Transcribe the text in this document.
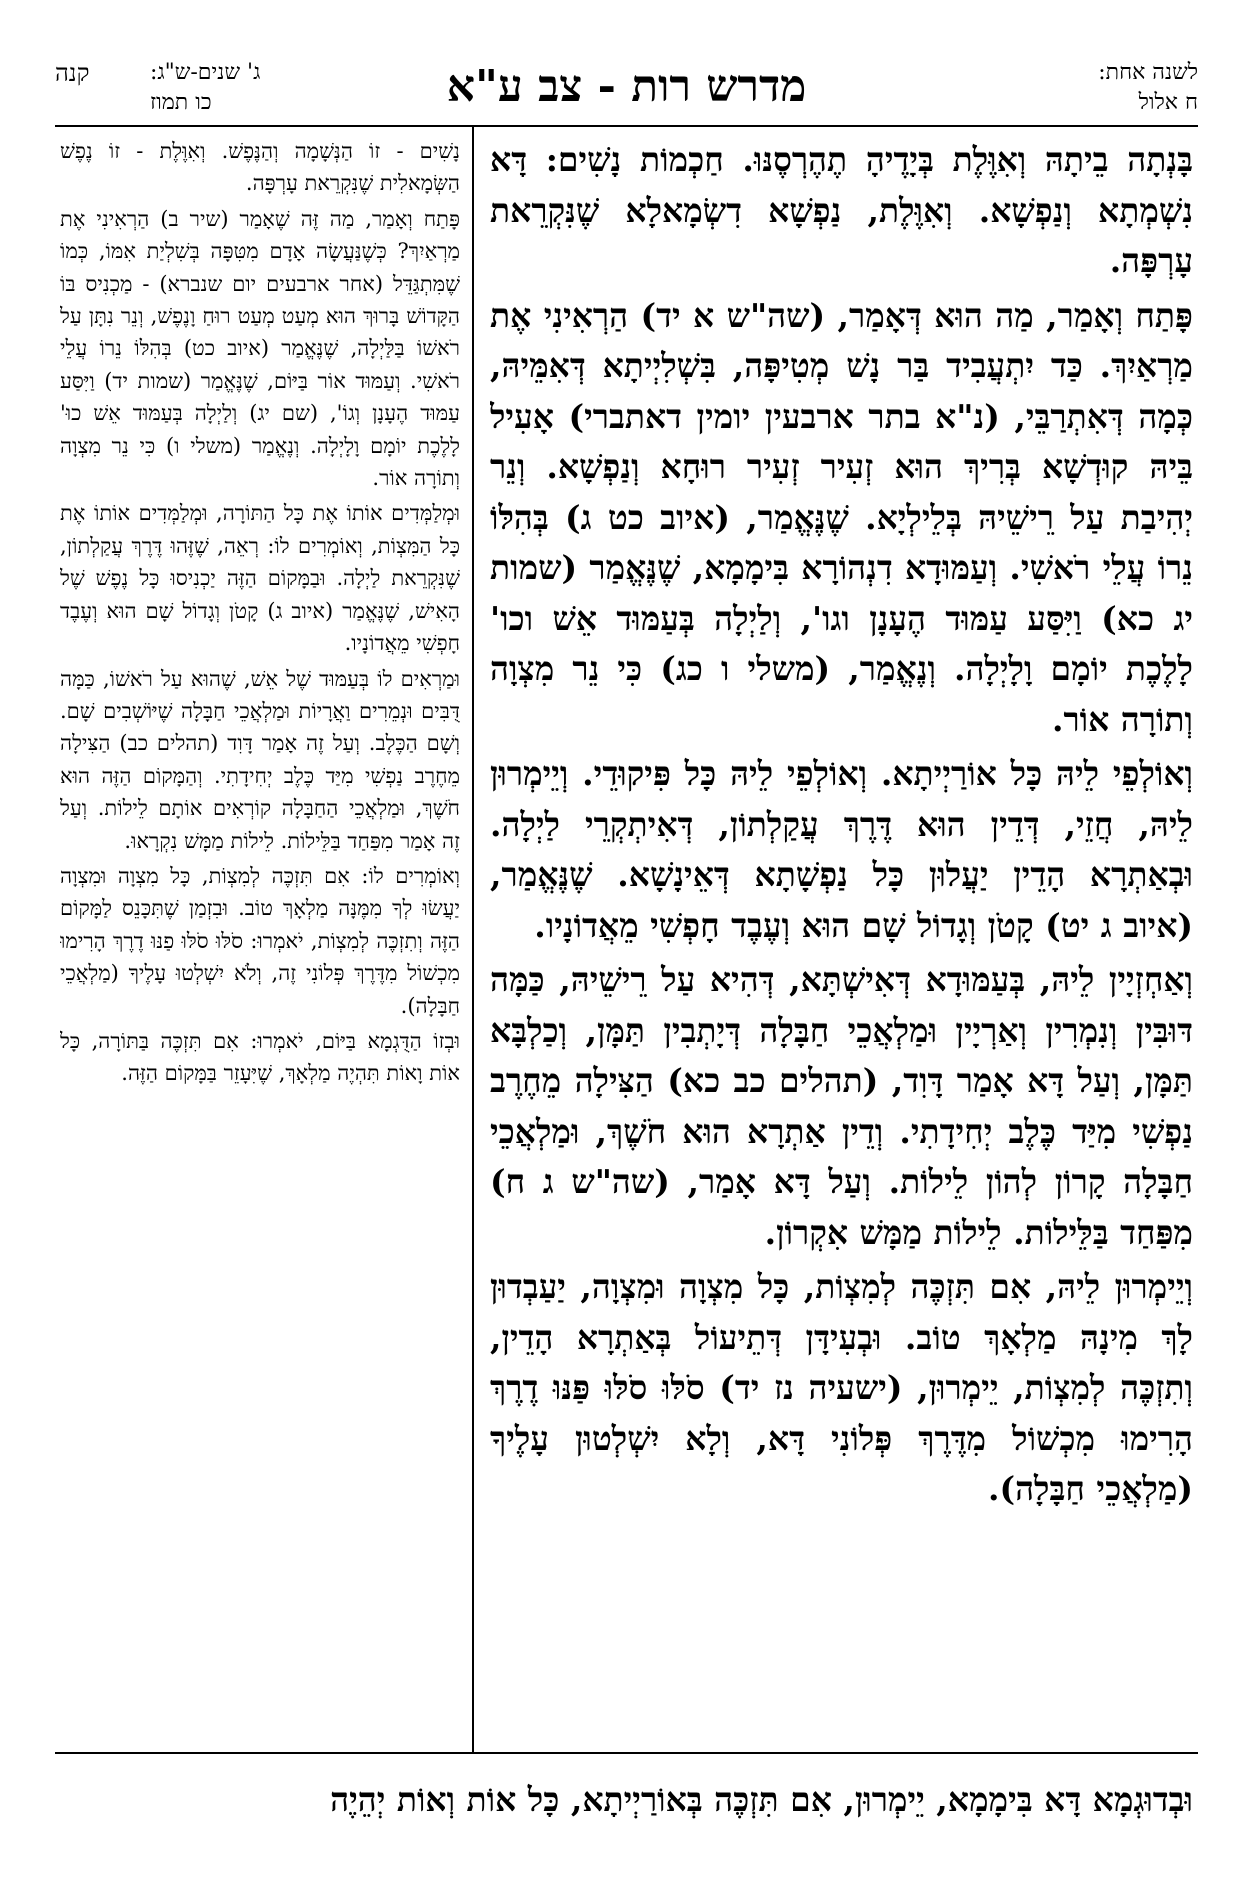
לשנה אחת:
ח אלול
מדרש רות - צב ע"א
ג' שנים-ש"ג:
כו תמוז
קנה

בָּנְתָה בֵיתָהּ וְאִוֶּלֶת בְּיָדֶיהָ תֶהֶרְסֶנּוּ. חַכְמוֹת נָשִׁים: דָּא נִשְׁמְתָא וְנַפְשָׁא. וְאִוֶּלֶת, נַפְשָׁא דִשְׂמָאלָא שֶׁנִּקְרֵאת עָרְפָּה.

פָּתַח וְאָמַר, מַה הוּא דְּאָמַר, (שה"ש א יד) הַרְאִינִי אֶת מַרְאַיִךְ. כַּד יִתְעֲבִיד בַּר נָשׁ מְטִיפָּה, בִּשְׁלִיְיתָא דְּאִמֵּיהּ, כְּמָה דְּאִתְרַבֵּי, (נ"א בתר ארבעין יומין דאתברי) אָעִיל בֵּיהּ קוּדְשָׁא בְּרִיךְ הוּא זְעִיר זְעִיר רוּחָא וְנַפְשָׁא. וְנֵר יְהִיבַת עַל רֵישֵׁיהּ בְּלֵילְיָא. שֶׁנֶּאֱמַר, (איוב כט ג) בְּהִלּוֹ נֵרוֹ עֲלֵי רֹאשִׁי. וְעַמּוּדָא דִנְהוֹרָא בִּימָמָא, שֶׁנֶּאֱמַר (שמות יג כא) וַיִּסַּע עַמּוּד הֶעָנָן וגו', וְלַיְלָה בְּעַמּוּד אֵשׁ וכו' לָלֶכֶת יוֹמָם וָלָיְלָה. וְנֶאֱמַר, (משלי ו כג) כִּי נֵר מִצְוָה וְתוֹרָה אוֹר.

וְאוֹלְפֵי לֵיהּ כָּל אוֹרַיְיתָא. וְאוֹלְפֵי לֵיהּ כָּל פִּיקוּדֵי. וְיֵימְרוּן לֵיהּ, חֲזֵי, דְּדֵין הוּא דֶּרֶךְ עֲקַלְתוֹן, דְּאִיתְקְרֵי לַיְלָה. וּבְאַתְרָא הָדֵין יַעֲלוּן כָּל נַפְשָׁתָא דְּאֵינָשָׁא. שֶׁנֶּאֱמַר, (איוב ג יט) קָטֹן וְגָדוֹל שָׁם הוּא וְעֶבֶד חָפְשִׁי מֵאֲדוֹנָיו.

וְאַחְזְיָין לֵיהּ, בְּעַמּוּדָא דְּאִישְׁתָּא, דְּהִיא עַל רֵישֵׁיהּ, כַּמָּה דּוּבִּין וְנִמְרִין וְאַרְיָין וּמַלְאֲכֵי חַבָּלָה דְּיָתְבִין תַּמָּן, וְכַלְבָּא תַּמָּן, וְעַל דָּא אָמַר דָּוִד, (תהלים כב כא) הַצִּילָה מֵחֶרֶב נַפְשִׁי מִיַּד כֶּלֶב יְחִידָתִי. וְדֵין אַתְרָא הוּא חֹשֶׁךְ, וּמַלְאֲכֵי חַבָּלָה קָרוֹן לְהוֹן לֵילוֹת. וְעַל דָּא אָמַר, (שה"ש ג ח) מִפַּחַד בַּלֵּילוֹת. לֵילוֹת מַמָּשׁ אִקְרוֹן.

וְיֵימְרוּן לֵיהּ, אִם תִּזְכֶּה לְמִצְוֹת, כָּל מִצְוָה וּמִצְוָה, יַעַבְדוּן לָךְ מִינָהּ מַלְאָךְ טוֹב. וּבְעִידָּן דְּתֵיעוֹל בְּאַתְרָא הָדֵין, וְתִזְכֶּה לְמִצְוֹת, יֵימְרוּן, (ישעיה נז יד) סֹלּוּ סֹלּוּ פַּנּוּ דֶרֶךְ הָרִימוּ מִכְשׁוֹל מִדֶּרֶךְ פְּלוֹנִי דָּא, וְלָא יִשְׁלְטוּן עָלֶיךָ (מַלְאֲכֵי חַבָּלָה).

נָשִׁים - זוֹ הַנְּשָׁמָה וְהַנֶּפֶשׁ. וְאִוֶּלֶת - זוֹ נֶפֶשׁ הַשְּׂמָאלִית שֶׁנִּקְרֵאת עָרְפָּה.

פָּתַח וְאָמַר, מַה זֶּה שֶׁאָמַר (שיר ב) הַרְאִינִי אֶת מַרְאַיִךְ? כְּשֶׁנַּעֲשָׂה אָדָם מִטִּפָּה בְּשִׁלְיַת אִמּוֹ, כְּמוֹ שֶׁמִּתְגַּדֵּל (אחר ארבעים יום שנברא) - מַכְנִיס בּוֹ הַקָּדוֹשׁ בָּרוּךְ הוּא מְעַט מְעַט רוּחַ וָנֶפֶשׁ, וְנֵר נִתָּן עַל רֹאשׁוֹ בַּלַּיְלָה, שֶׁנֶּאֱמַר (איוב כט) בְּהִלּוֹ נֵרוֹ עֲלֵי רֹאשִׁי. וְעַמּוּד אוֹר בַּיּוֹם, שֶׁנֶּאֱמַר (שמות יד) וַיִּסַּע עַמּוּד הֶעָנָן וְגוֹ', (שם יג) וְלַיְלָה בְּעַמּוּד אֵשׁ כוּ' לָלֶכֶת יוֹמָם וָלָיְלָה. וְנֶאֱמַר (משלי ו) כִּי נֵר מִצְוָה וְתוֹרָה אוֹר.

וּמְלַמְּדִים אוֹתוֹ אֶת כָּל הַתּוֹרָה, וּמְלַמְּדִים אוֹתוֹ אֶת כָּל הַמִּצְוֹת, וְאוֹמְרִים לוֹ: רְאֵה, שֶׁזֶּהוּ דֶּרֶךְ עֲקַלְתוֹן, שֶׁנִּקְרֵאת לַיְלָה. וּבַמָּקוֹם הַזֶּה יַכְנִיסוּ כָּל נֶפֶשׁ שֶׁל הָאִישׁ, שֶׁנֶּאֱמַר (איוב ג) קָטֹן וְגָדוֹל שָׁם הוּא וְעֶבֶד חָפְשִׁי מֵאֲדוֹנָיו.

וּמַרְאִים לוֹ בְּעַמּוּד שֶׁל אֵשׁ, שֶׁהוּא עַל רֹאשׁוֹ, כַּמָּה דֻּבִּים וּנְמֵרִים וַאֲרָיוֹת וּמַלְאֲכֵי חַבָּלָה שֶׁיּוֹשְׁבִים שָׁם. וְשָׁם הַכֶּלֶב. וְעַל זֶה אָמַר דָּוִד (תהלים כב) הַצִּילָה מֵחֶרֶב נַפְשִׁי מִיַּד כֶּלֶב יְחִידָתִי. וְהַמָּקוֹם הַזֶּה הוּא חֹשֶׁךְ, וּמַלְאֲכֵי הַחַבָּלָה קוֹרְאִים אוֹתָם לֵילוֹת. וְעַל זֶה אָמַר מִפַּחַד בַּלֵּילוֹת. לֵילוֹת מַמָּשׁ נִקְרָאוּ.

וְאוֹמְרִים לוֹ: אִם תִּזְכֶּה לְמִצְוֹת, כָּל מִצְוָה וּמִצְוָה יַעֲשׂוּ לְךָ מִמֶּנָּה מַלְאָךְ טוֹב. וּבִזְמַן שֶׁתִּכָּנֵס לַמָּקוֹם הַזֶּה וְתִזְכֶּה לְמִצְוֹת, יֹאמְרוּ: סֹלּוּ סֹלּוּ פַנּוּ דֶרֶךְ הָרִימוּ מִכְשׁוֹל מִדֶּרֶךְ פְּלוֹנִי זֶה, וְלֹא יִשְׁלְטוּ עָלֶיךָ (מַלְאֲכֵי חַבָּלָה).

וּבְזוֹ הַדֻּגְמָא בַּיּוֹם, יֹאמְרוּ: אִם תִּזְכֶּה בַּתּוֹרָה, כָּל אוֹת וָאוֹת תִּהְיֶה מַלְאָךְ, שֶׁיִּעָזֵר בַּמָּקוֹם הַזֶּה.

וּבְדוּגְמָא דָּא בִּימָמָא, יֵימְרוּן, אִם תִּזְכֶּה בְּאוֹרַיְיתָא, כָּל אוֹת וְאוֹת יְהֵיֶה
